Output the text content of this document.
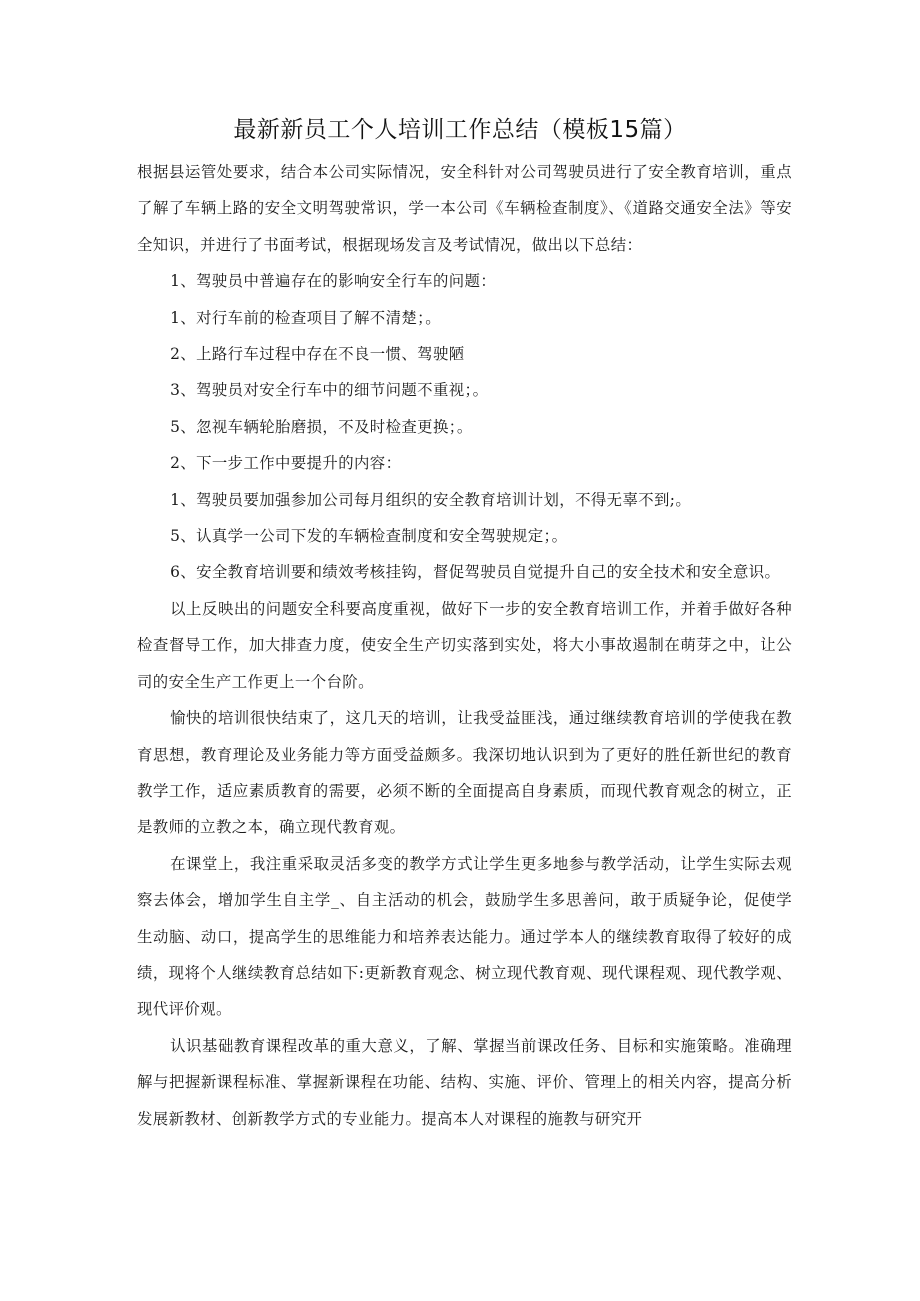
最新新员工个人培训工作总结（模板15篇）

根据县运管处要求，结合本公司实际情况，安全科针对公司驾驶员进行了安全教育培训，重点了解了车辆上路的安全文明驾驶常识，学一本公司《车辆检查制度》、《道路交通安全法》等安全知识，并进行了书面考试，根据现场发言及考试情况，做出以下总结：

1、驾驶员中普遍存在的影响安全行车的问题：

1、对行车前的检查项目了解不清楚；。

2、上路行车过程中存在不良一惯、驾驶陋

3、驾驶员对安全行车中的细节问题不重视；。

5、忽视车辆轮胎磨损，不及时检查更换；。

2、下一步工作中要提升的内容：

1、驾驶员要加强参加公司每月组织的安全教育培训计划，不得无辜不到;。

5、认真学一公司下发的车辆检查制度和安全驾驶规定；。

6、安全教育培训要和绩效考核挂钩，督促驾驶员自觉提升自己的安全技术和安全意识。

以上反映出的问题安全科要高度重视，做好下一步的安全教育培训工作，并着手做好各种检查督导工作，加大排查力度，使安全生产切实落到实处，将大小事故遏制在萌芽之中，让公司的安全生产工作更上一个台阶。

愉快的培训很快结束了，这几天的培训，让我受益匪浅，通过继续教育培训的学使我在教育思想，教育理论及业务能力等方面受益颇多。我深切地认识到为了更好的胜任新世纪的教育教学工作，适应素质教育的需要，必须不断的全面提高自身素质，而现代教育观念的树立，正是教师的立教之本，确立现代教育观。

在课堂上，我注重采取灵活多变的教学方式让学生更多地参与教学活动，让学生实际去观察去体会，增加学生自主学_、自主活动的机会，鼓励学生多思善问，敢于质疑争论，促使学生动脑、动口，提高学生的思维能力和培养表达能力。通过学本人的继续教育取得了较好的成绩，现将个人继续教育总结如下:更新教育观念、树立现代教育观、现代课程观、现代教学观、现代评价观。

认识基础教育课程改革的重大意义，了解、掌握当前课改任务、目标和实施策略。准确理解与把握新课程标准、掌握新课程在功能、结构、实施、评价、管理上的相关内容，提高分析发展新教材、创新教学方式的专业能力。提高本人对课程的施教与研究开
